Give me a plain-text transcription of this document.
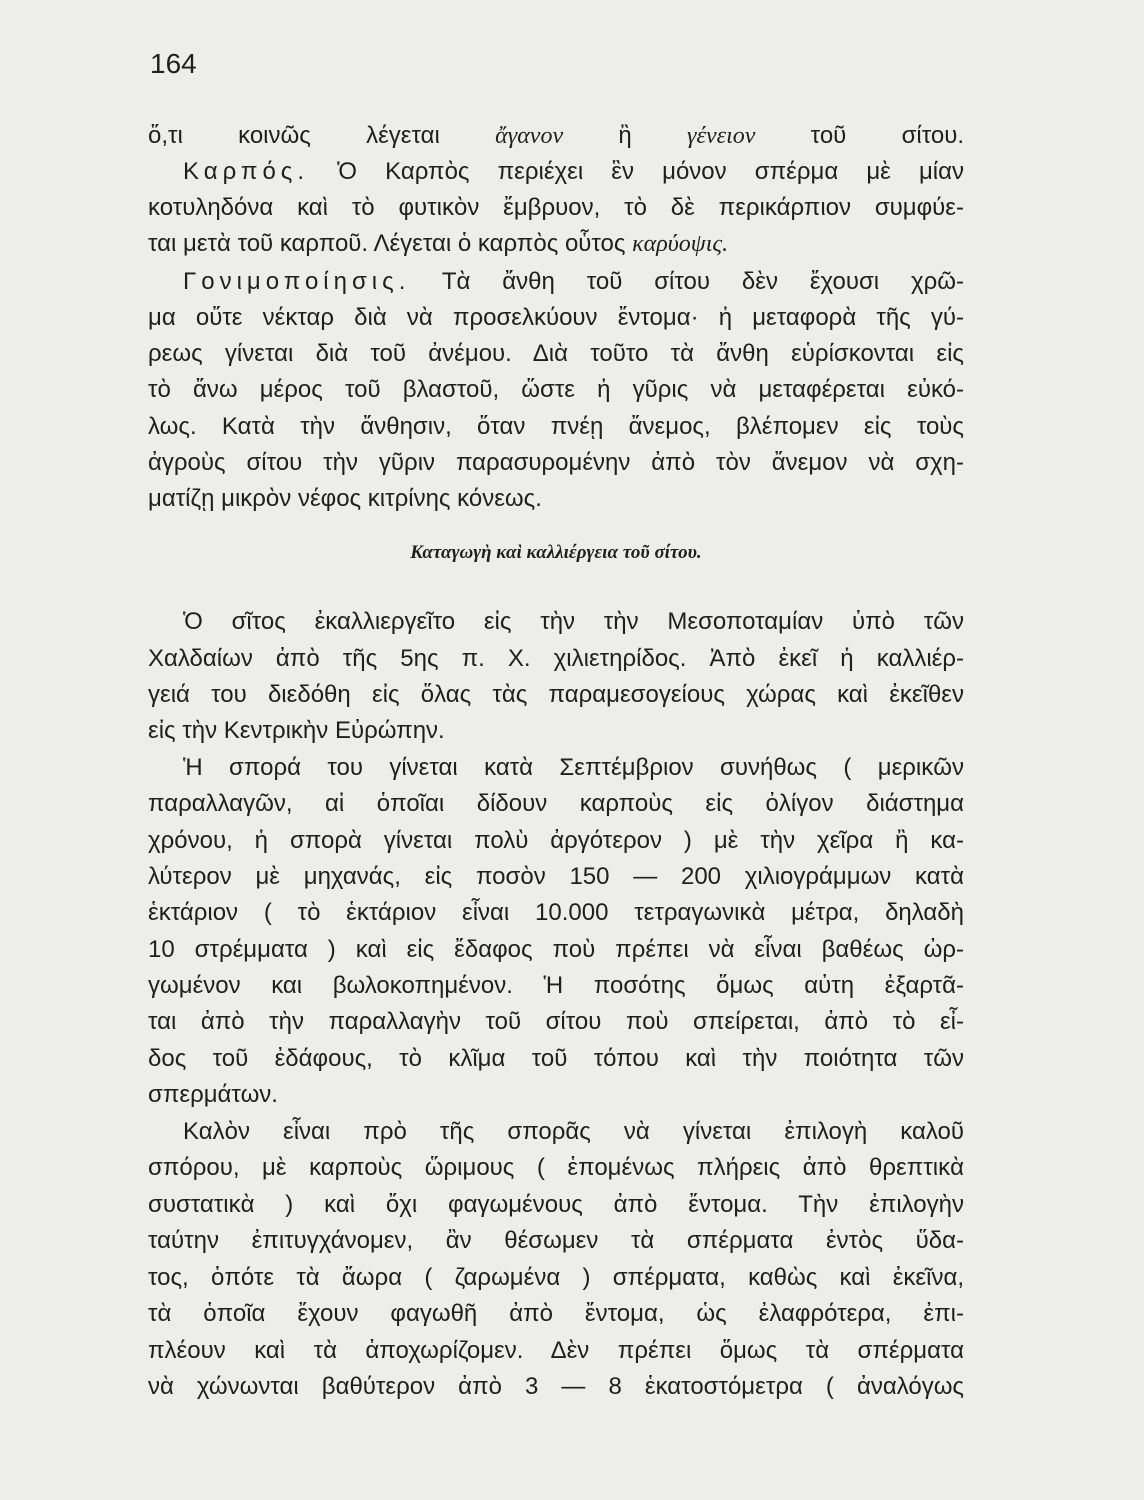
164
ὅ,τι κοινῶς λέγεται ἄγανον ἢ γένειον τοῦ σίτου.
Καρπός. Ὁ Καρπὸς περιέχει ἓν μόνον σπέρμα μὲ μίαν
κοτυληδόνα καὶ τὸ φυτικὸν ἔμβρυον, τὸ δὲ περικάρπιον συμφύε-
ται μετὰ τοῦ καρποῦ. Λέγεται ὁ καρπὸς οὗτος καρύοψις.
Γονιμοποίησις. Τὰ ἄνθη τοῦ σίτου δὲν ἔχουσι χρῶ-
μα οὔτε νέκταρ διὰ νὰ προσελκύουν ἔντομα· ἡ μεταφορὰ τῆς γύ-
ρεως γίνεται διὰ τοῦ ἀνέμου. Διὰ τοῦτο τὰ ἄνθη εὑρίσκονται εἰς
τὸ ἄνω μέρος τοῦ βλαστοῦ, ὥστε ἡ γῦρις νὰ μεταφέρεται εὐκό-
λως. Κατὰ τὴν ἄνθησιν, ὅταν πνέῃ ἄνεμος, βλέπομεν εἰς τοὺς
ἀγροὺς σίτου τὴν γῦριν παρασυρομένην ἀπὸ τὸν ἄνεμον νὰ σχη-
ματίζῃ μικρὸν νέφος κιτρίνης κόνεως.
Καταγωγὴ καὶ καλλιέργεια τοῦ σίτου.
Ὁ σῖτος ἐκαλλιεργεῖτο εἰς τὴν τὴν Μεσοποταμίαν ὑπὸ τῶν
Χαλδαίων ἀπὸ τῆς 5ης π. Χ. χιλιετηρίδος. Ἀπὸ ἐκεῖ ἡ καλλιέρ-
γειά του διεδόθη εἰς ὅλας τὰς παραμεσογείους χώρας καὶ ἐκεῖθεν
εἰς τὴν Κεντρικὴν Εὐρώπην.
Ἡ σπορά του γίνεται κατὰ Σεπτέμβριον συνήθως ( μερικῶν
παραλλαγῶν, αἱ ὁποῖαι δίδουν καρποὺς εἰς ὀλίγον διάστημα
χρόνου, ἡ σπορὰ γίνεται πολὺ ἀργότερον ) μὲ τὴν χεῖρα ἢ κα-
λύτερον μὲ μηχανάς, εἰς ποσὸν 150 — 200 χιλιογράμμων κατὰ
ἑκτάριον ( τὸ ἑκτάριον εἶναι 10.000 τετραγωνικὰ μέτρα, δηλαδὴ
10 στρέμματα ) καὶ εἰς ἔδαφος ποὺ πρέπει νὰ εἶναι βαθέως ὠρ-
γωμένον και βωλοκοπημένον. Ἡ ποσότης ὅμως αὐτη ἐξαρτᾶ-
ται ἀπὸ τὴν παραλλαγὴν τοῦ σίτου ποὺ σπείρεται, ἀπὸ τὸ εἶ-
δος τοῦ ἐδάφους, τὸ κλῖμα τοῦ τόπου καὶ τὴν ποιότητα τῶν
σπερμάτων.
Καλὸν εἶναι πρὸ τῆς σπορᾶς νὰ γίνεται ἐπιλογὴ καλοῦ
σπόρου, μὲ καρποὺς ὥριμους ( ἑπομένως πλήρεις ἀπὸ θρεπτικὰ
συστατικὰ ) καὶ ὄχι φαγωμένους ἀπὸ ἔντομα. Τὴν ἐπιλογὴν
ταύτην ἐπιτυγχάνομεν, ἂν θέσωμεν τὰ σπέρματα ἐντὸς ὕδα-
τος, ὁπότε τὰ ἄωρα ( ζαρωμένα ) σπέρματα, καθὼς καὶ ἐκεῖνα,
τὰ ὁποῖα ἔχουν φαγωθῆ ἀπὸ ἔντομα, ὡς ἐλαφρότερα, ἐπι-
πλέουν καὶ τὰ ἀποχωρίζομεν. Δὲν πρέπει ὅμως τὰ σπέρματα
νὰ χώνωνται βαθύτερον ἀπὸ 3 — 8 ἑκατοστόμετρα ( ἀναλόγως
